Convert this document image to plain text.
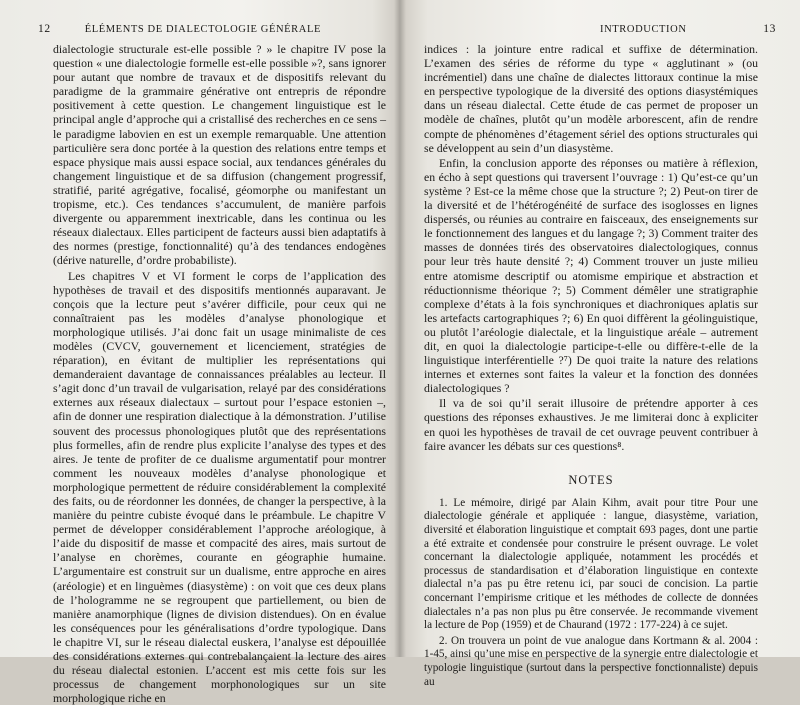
12	ÉLÉMENTS DE DIALECTOLOGIE GÉNÉRALE

dialectologie structurale est-elle possible ? » le chapitre IV pose la question « une dialectologie formelle est-elle possible »?, sans ignorer pour autant que nombre de travaux et de dispositifs relevant du paradigme de la grammaire générative ont entrepris de répondre positivement à cette question. Le changement linguistique est le principal angle d’approche qui a cristallisé des recherches en ce sens – le paradigme labovien en est un exemple remarquable. Une attention particulière sera donc portée à la question des relations entre temps et espace physique mais aussi espace social, aux tendances générales du changement linguistique et de sa diffusion (changement progressif, stratifié, parité agrégative, focalisé, géomorphe ou manifestant un tropisme, etc.). Ces tendances s’accumulent, de manière parfois divergente ou apparemment inextricable, dans les continua ou les réseaux dialectaux. Elles participent de facteurs aussi bien adaptatifs à des normes (prestige, fonctionnalité) qu’à des tendances endogènes (dérive naturelle, d’ordre probabiliste).

Les chapitres V et VI forment le corps de l’application des hypothèses de travail et des dispositifs mentionnés auparavant. Je conçois que la lecture peut s’avérer difficile, pour ceux qui ne connaîtraient pas les modèles d’analyse phonologique et morphologique utilisés. J’ai donc fait un usage minimaliste de ces modèles (CVCV, gouvernement et licenciement, stratégies de réparation), en évitant de multiplier les représentations qui demanderaient davantage de connaissances préalables au lecteur. Il s’agit donc d’un travail de vulgarisation, relayé par des considérations externes aux réseaux dialectaux – surtout pour l’espace estonien –, afin de donner une respiration dialectique à la démonstration. J’utilise souvent des processus phonologiques plutôt que des représentations plus formelles, afin de rendre plus explicite l’analyse des types et des aires. Je tente de profiter de ce dualisme argumentatif pour montrer comment les nouveaux modèles d’analyse phonologique et morphologique permettent de réduire considérablement la complexité des faits, ou de réordonner les données, de changer la perspective, à la manière du peintre cubiste évoqué dans le préambule. Le chapitre V permet de développer considérablement l’approche aréologique, à l’aide du dispositif de masse et compacité des aires, mais surtout de l’analyse en chorèmes, courante en géographie humaine. L’argumentaire est construit sur un dualisme, entre approche en aires (aréologie) et en linguèmes (diasystème) : on voit que ces deux plans de l’hologramme ne se regroupent que partiellement, ou bien de manière anamorphique (lignes de division distendues). On en évalue les conséquences pour les généralisations d’ordre typologique. Dans le chapitre VI, sur le réseau dialectal euskera, l’analyse est dépouillée des considérations externes qui contrebalançaient la lecture des aires du réseau dialectal estonien. L’accent est mis cette fois sur les processus de changement morphonologiques sur un site morphologique riche en

INTRODUCTION	13

indices : la jointure entre radical et suffixe de détermination. L’examen des séries de réforme du type « agglutinant » (ou incrémentiel) dans une chaîne de dialectes littoraux continue la mise en perspective typologique de la diversité des options diasystémiques dans un réseau dialectal. Cette étude de cas permet de proposer un modèle de chaînes, plutôt qu’un modèle arborescent, afin de rendre compte de phénomènes d’étagement sériel des options structurales qui se développent au sein d’un diasystème.

Enfin, la conclusion apporte des réponses ou matière à réflexion, en écho à sept questions qui traversent l’ouvrage : 1) Qu’est-ce qu’un système ? Est-ce la même chose que la structure ?; 2) Peut-on tirer de la diversité et de l’hétérogénéité de surface des isoglosses en lignes dispersés, ou réunies au contraire en faisceaux, des enseignements sur le fonctionnement des langues et du langage ?; 3) Comment traiter des masses de données tirés des observatoires dialectologiques, connus pour leur très haute densité ?; 4) Comment trouver un juste milieu entre atomisme descriptif ou atomisme empirique et abstraction et réductionnisme théorique ?; 5) Comment démêler une stratigraphie complexe d’états à la fois synchroniques et diachroniques aplatis sur les artefacts cartographiques ?; 6) En quoi diffèrent la géolinguistique, ou plutôt l’aréologie dialectale, et la linguistique aréale – autrement dit, en quoi la dialectologie participe-t-elle ou diffère-t-elle de la linguistique interférentielle ?⁷) De quoi traite la nature des relations internes et externes sont faites la valeur et la fonction des données dialectologiques ?

Il va de soi qu’il serait illusoire de prétendre apporter à ces questions des réponses exhaustives. Je me limiterai donc à expliciter en quoi les hypothèses de travail de cet ouvrage peuvent contribuer à faire avancer les débats sur ces questions⁸.

NOTES

1. Le mémoire, dirigé par Alain Kihm, avait pour titre Pour une dialectologie générale et appliquée : langue, diasystème, variation, diversité et élaboration linguistique et comptait 693 pages, dont une partie a été extraite et condensée pour construire le présent ouvrage. Le volet concernant la dialectologie appliquée, notamment les procédés et processus de standardisation et d’élaboration linguistique en contexte dialectal n’a pas pu être retenu ici, par souci de concision. La partie concernant l’empirisme critique et les méthodes de collecte de données dialectales n’a pas non plus pu être conservée. Je recommande vivement la lecture de Pop (1959) et de Chaurand (1972 : 177-224) à ce sujet.

2. On trouvera un point de vue analogue dans Kortmann & al. 2004 : 1-45, ainsi qu’une mise en perspective de la synergie entre dialectologie et typologie linguistique (surtout dans la perspective fonctionnaliste) depuis au
